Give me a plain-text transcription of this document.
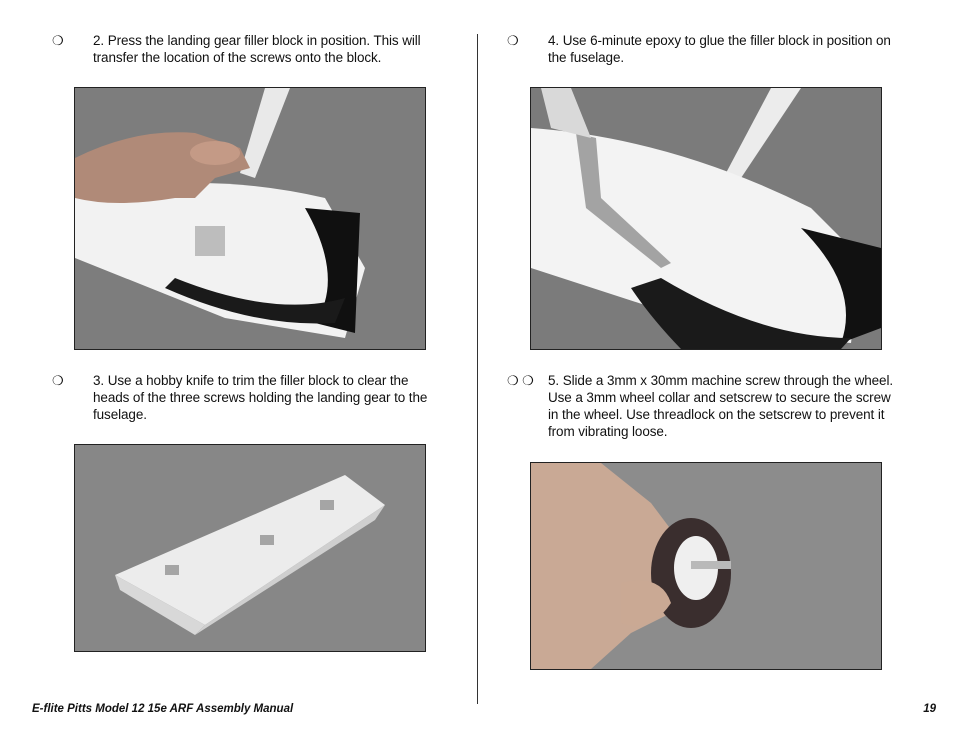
❍ 2. Press the landing gear filler block in position. This will transfer the location of the screws onto the block.
❍ 3. Use a hobby knife to trim the filler block to clear the heads of the three screws holding the landing gear to the fuselage.
❍ 4. Use 6-minute epoxy to glue the filler block in position on the fuselage.
❍ ❍ 5. Slide a 3mm x 30mm machine screw through the wheel. Use a 3mm wheel collar and setscrew to secure the screw in the wheel. Use threadlock on the setscrew to prevent it from vibrating loose.
E-flite Pitts Model 12 15e ARF Assembly Manual	19
